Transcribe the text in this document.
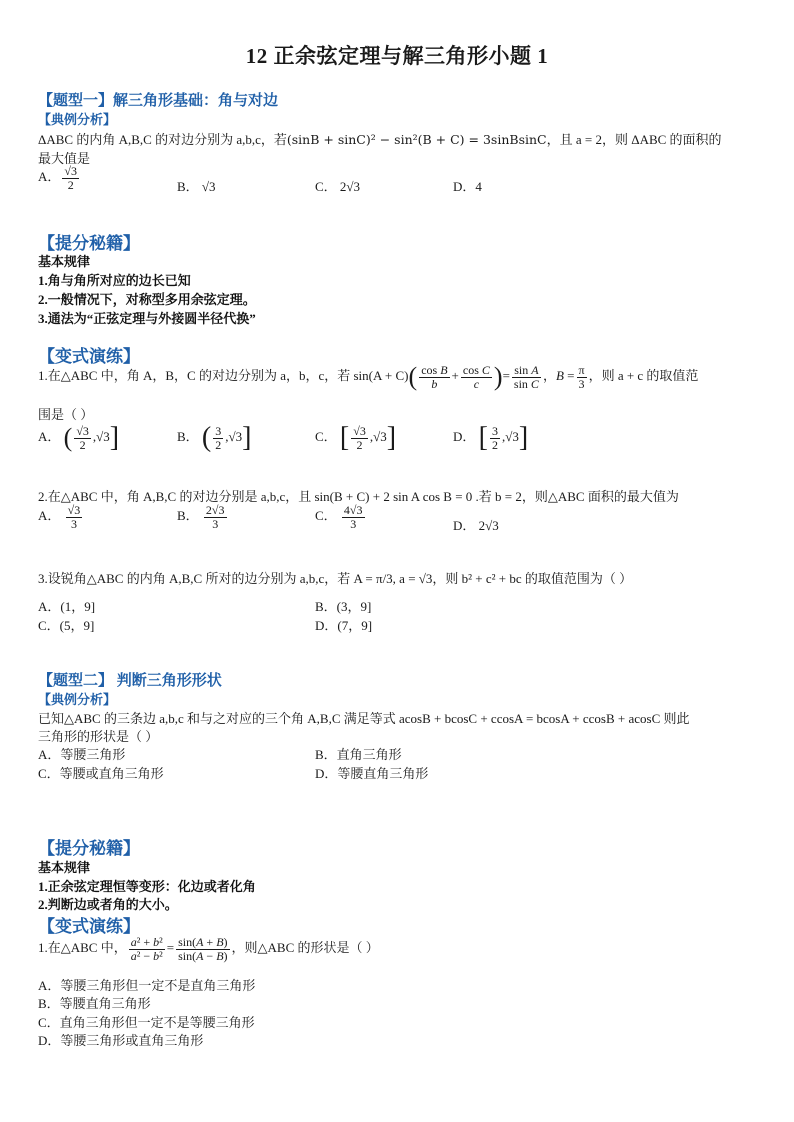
12 正余弦定理与解三角形小题 1
【题型一】解三角形基础：角与对边
【典例分析】
ΔABC 的内角 A,B,C 的对边分别为 a,b,c，若(sinB + sinC)² − sin²(B + C) = 3sinBsinC，且 a = 2，则 ΔABC 的面积的
最大值是
A． $\frac{√3}{2}$	B． √3	C． 2√3	D．4
【提分秘籍】
基本规律
1.角与角所对应的边长已知
2.一般情况下，对称型多用余弦定理。
3.通法为“正弦定理与外接圆半径代换”
【变式演练】
1.在△ABC 中，角 A，B，C 的对边分别为 a，b，c，若 $\sin(A + C)( \frac{\text{cos B}}{b} + \frac{\text{cos C}}{c}$ )= $\frac{\text{sin A}}{\text{sin C}}$ ，$B = \frac{\pi}{3}$ ，则 a + c 的取值范
围是（ ）
A． ( $\frac{√3}{2} ,√3$]	B． ( $\frac{3}{2} ,√3$]	C． [ $\frac{√3}{2} ,√3$]	D． [ $\frac{3}{2} ,√3$]
2.在△ABC 中，角 A,B,C 的对边分别是 a,b,c，且 sin(B + C) + 2 sin A cos B = 0 .若 b = 2，则△ABC 面积的最大值为
A． $\frac{√3}{3}$	B． $\frac{2√3}{3}$	C． $\frac{4√3}{3}$	D． 2√3
3.设锐角△ABC 的内角 A,B,C 所对的边分别为 a,b,c，若 A = π/3, a = √3，则 b² + c² + bc 的取值范围为（ ）
A．(1，9]	B．(3，9]
C．(5，9]	D．(7，9]
【题型二】 判断三角形形状
【典例分析】
已知△ABC 的三条边 a,b,c 和与之对应的三个角 A,B,C 满足等式 acosB + bcosC + ccosA = bcosA + ccosB + acosC 则此
三角形的形状是（ ）
A．等腰三角形	B．直角三角形
C．等腰或直角三角形	D．等腰直角三角形
【提分秘籍】
基本规律
1.正余弦定理恒等变形：化边或者化角
2.判断边或者角的大小。
【变式演练】
1.在△ABC 中， $\frac{\text{a² + b²}}{\text{a² − b²}} = \frac{\sin(A + B)}{\sin(A - B)}$ ，则△ABC 的形状是（ ）
A．等腰三角形但一定不是直角三角形
B．等腰直角三角形
C．直角三角形但一定不是等腰三角形
D．等腰三角形或直角三角形
